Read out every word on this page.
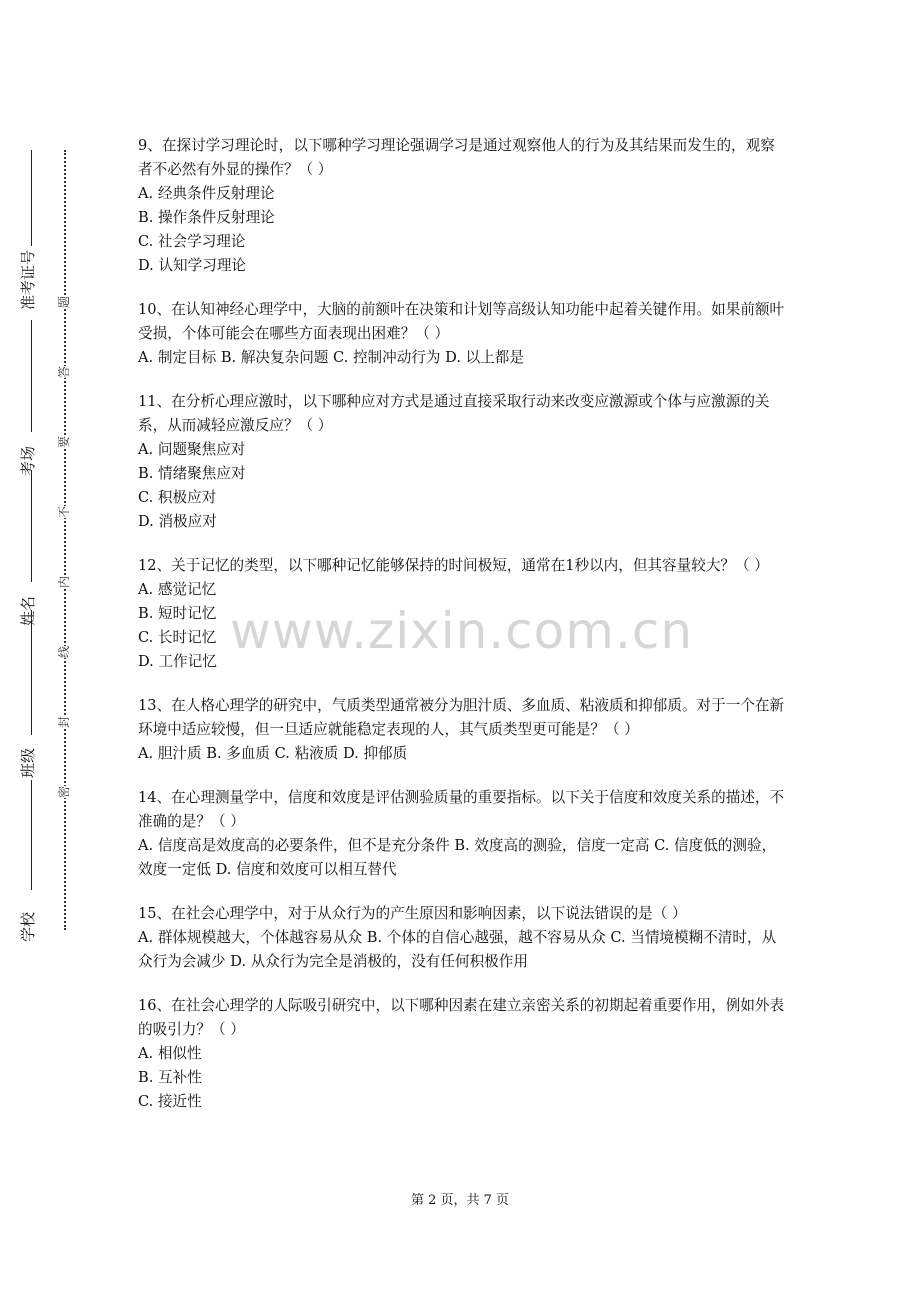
学校
班级
姓名
考场
准考证号
密
封
线
内
不
要
答
题

9、在探讨学习理论时，以下哪种学习理论强调学习是通过观察他人的行为及其结果而发生的，观察者不必然有外显的操作？（ ）

A. 经典条件反射理论

B. 操作条件反射理论

C. 社会学习理论

D. 认知学习理论

10、在认知神经心理学中，大脑的前额叶在决策和计划等高级认知功能中起着关键作用。如果前额叶受损，个体可能会在哪些方面表现出困难？（ ）

A. 制定目标 B. 解决复杂问题 C. 控制冲动行为 D. 以上都是

11、在分析心理应激时，以下哪种应对方式是通过直接采取行动来改变应激源或个体与应激源的关系，从而减轻应激反应？（ ）

A. 问题聚焦应对

B. 情绪聚焦应对

C. 积极应对

D. 消极应对

12、关于记忆的类型，以下哪种记忆能够保持的时间极短，通常在1秒以内，但其容量较大？（ ）

A. 感觉记忆

B. 短时记忆

C. 长时记忆

D. 工作记忆

13、在人格心理学的研究中，气质类型通常被分为胆汁质、多血质、粘液质和抑郁质。对于一个在新环境中适应较慢，但一旦适应就能稳定表现的人，其气质类型更可能是？（ ）

A. 胆汁质 B. 多血质 C. 粘液质 D. 抑郁质

14、在心理测量学中，信度和效度是评估测验质量的重要指标。以下关于信度和效度关系的描述，不准确的是？（ ）

A. 信度高是效度高的必要条件，但不是充分条件 B. 效度高的测验，信度一定高 C. 信度低的测验，效度一定低 D. 信度和效度可以相互替代

15、在社会心理学中，对于从众行为的产生原因和影响因素，以下说法错误的是（ ）

A. 群体规模越大，个体越容易从众 B. 个体的自信心越强，越不容易从众 C. 当情境模糊不清时，从众行为会减少 D. 从众行为完全是消极的，没有任何积极作用

16、在社会心理学的人际吸引研究中，以下哪种因素在建立亲密关系的初期起着重要作用，例如外表的吸引力？（ ）

A. 相似性

B. 互补性

C. 接近性

www.zixin.com.cn
第 2 页，共 7 页
